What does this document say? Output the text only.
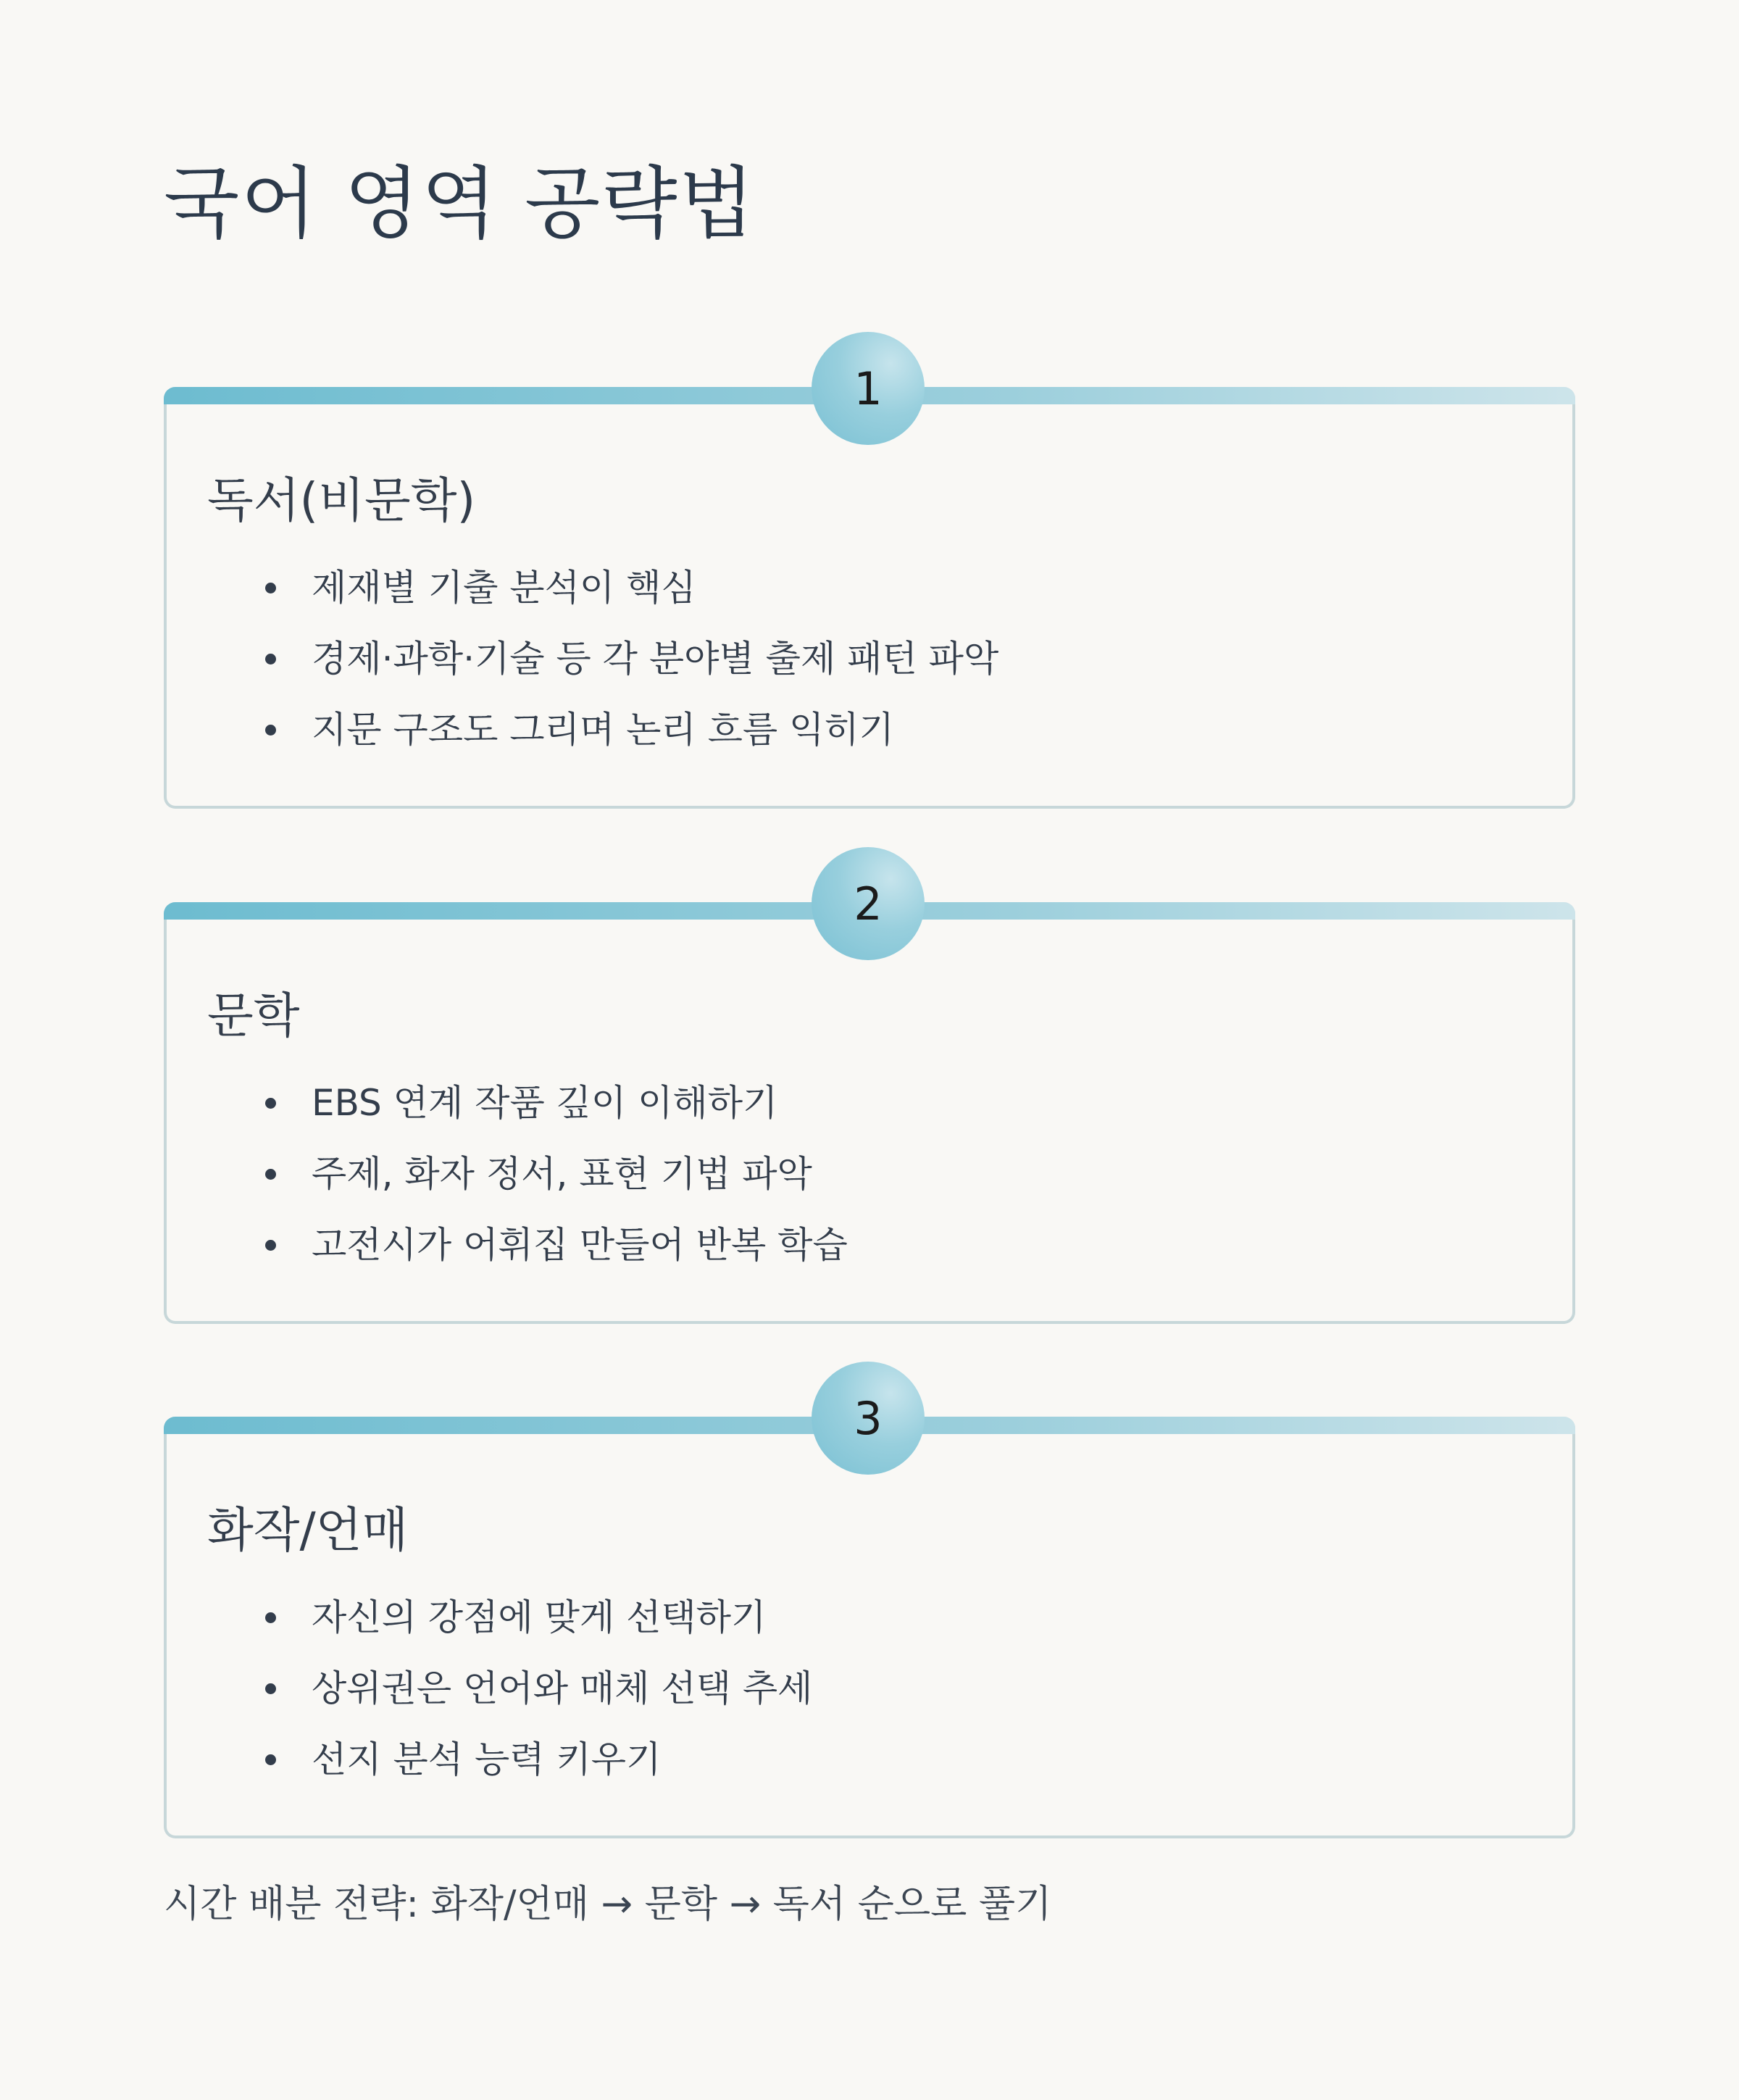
국어 영역 공략법
1
독서(비문학)
제재별 기출 분석이 핵심
경제·과학·기술 등 각 분야별 출제 패턴 파악
지문 구조도 그리며 논리 흐름 익히기
2
문학
EBS 연계 작품 깊이 이해하기
주제, 화자 정서, 표현 기법 파악
고전시가 어휘집 만들어 반복 학습
3
화작/언매
자신의 강점에 맞게 선택하기
상위권은 언어와 매체 선택 추세
선지 분석 능력 키우기

시간 배분 전략: 화작/언매 → 문학 → 독서 순으로 풀기
